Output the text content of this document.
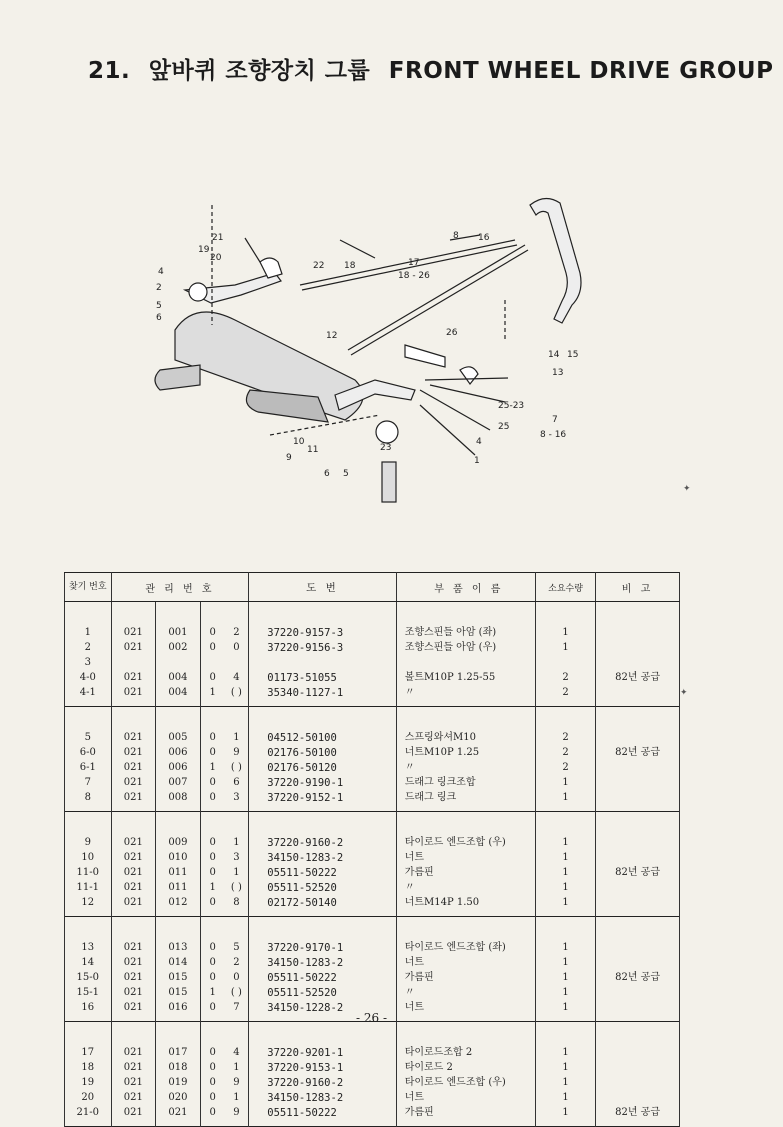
21. 앞바퀴 조향장치 그룹 FRONT WHEEL DRIVE GROUP
21
19
20
4
2
5
6
22 18
8 16
17
18 - 26
12	26
14 15
13
25-23
25
7
8 - 16
4
1
10
11
9
6 5
23
✦
✦
찾기 번호	관 리 번 호				도 번	부 품 이 름	소요수량	비 고
1	021	001	0	2	37220-9157-3	조향스핀들 아암 (좌)	1	
2	021	002	0	0	37220-9156-3	조향스핀들 아암 (우)	1	
3								
4-0	021	004	0	4	01173-51055	볼트M10P 1.25-55	2	82년 공급
4-1	021	004	1	( )	35340-1127-1	〃	2	
5	021	005	0	1	04512-50100	스프링와셔M10	2	
6-0	021	006	0	9	02176-50100	너트M10P 1.25	2	82년 공급
6-1	021	006	1	( )	02176-50120	〃	2	
7	021	007	0	6	37220-9190-1	드래그 링크조합	1	
8	021	008	0	3	37220-9152-1	드래그 링크	1	
9	021	009	0	1	37220-9160-2	타이로드 엔드조합 (우)	1	
10	021	010	0	3	34150-1283-2	너트	1	
11-0	021	011	0	1	05511-50222	가름핀	1	82년 공급
11-1	021	011	1	( )	05511-52520	〃	1	
12	021	012	0	8	02172-50140	너트M14P 1.50	1	
13	021	013	0	5	37220-9170-1	타이로드 엔드조합 (좌)	1	
14	021	014	0	2	34150-1283-2	너트	1	
15-0	021	015	0	0	05511-50222	가름핀	1	82년 공급
15-1	021	015	1	( )	05511-52520	〃	1	
16	021	016	0	7	34150-1228-2	너트	1	
17	021	017	0	4	37220-9201-1	타이로드조합 2	1	
18	021	018	0	1	37220-9153-1	타이로드 2	1	
19	021	019	0	9	37220-9160-2	타이로드 엔드조합 (우)	1	
20	021	020	0	1	34150-1283-2	너트	1	
21-0	021	021	0	9	05511-50222	가름핀	1	82년 공급
- 26 -
